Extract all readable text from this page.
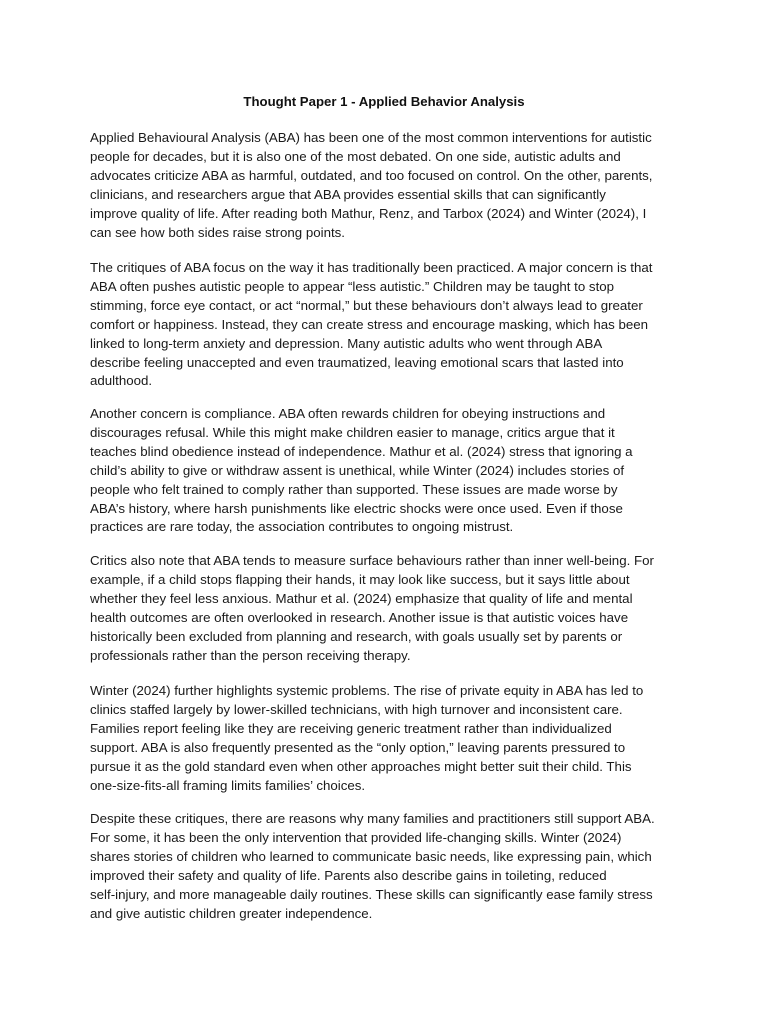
Thought Paper 1 - Applied Behavior Analysis

Applied Behavioural Analysis (ABA) has been one of the most common interventions for autistic
people for decades, but it is also one of the most debated. On one side, autistic adults and
advocates criticize ABA as harmful, outdated, and too focused on control. On the other, parents,
clinicians, and researchers argue that ABA provides essential skills that can significantly
improve quality of life. After reading both Mathur, Renz, and Tarbox (2024) and Winter (2024), I
can see how both sides raise strong points.

The critiques of ABA focus on the way it has traditionally been practiced. A major concern is that
ABA often pushes autistic people to appear “less autistic.” Children may be taught to stop
stimming, force eye contact, or act “normal,” but these behaviours don’t always lead to greater
comfort or happiness. Instead, they can create stress and encourage masking, which has been
linked to long-term anxiety and depression. Many autistic adults who went through ABA
describe feeling unaccepted and even traumatized, leaving emotional scars that lasted into
adulthood.

Another concern is compliance. ABA often rewards children for obeying instructions and
discourages refusal. While this might make children easier to manage, critics argue that it
teaches blind obedience instead of independence. Mathur et al. (2024) stress that ignoring a
child’s ability to give or withdraw assent is unethical, while Winter (2024) includes stories of
people who felt trained to comply rather than supported. These issues are made worse by
ABA’s history, where harsh punishments like electric shocks were once used. Even if those
practices are rare today, the association contributes to ongoing mistrust.

Critics also note that ABA tends to measure surface behaviours rather than inner well-being. For
example, if a child stops flapping their hands, it may look like success, but it says little about
whether they feel less anxious. Mathur et al. (2024) emphasize that quality of life and mental
health outcomes are often overlooked in research. Another issue is that autistic voices have
historically been excluded from planning and research, with goals usually set by parents or
professionals rather than the person receiving therapy.

Winter (2024) further highlights systemic problems. The rise of private equity in ABA has led to
clinics staffed largely by lower-skilled technicians, with high turnover and inconsistent care.
Families report feeling like they are receiving generic treatment rather than individualized
support. ABA is also frequently presented as the “only option,” leaving parents pressured to
pursue it as the gold standard even when other approaches might better suit their child. This
one-size-fits-all framing limits families’ choices.

Despite these critiques, there are reasons why many families and practitioners still support ABA.
For some, it has been the only intervention that provided life-changing skills. Winter (2024)
shares stories of children who learned to communicate basic needs, like expressing pain, which
improved their safety and quality of life. Parents also describe gains in toileting, reduced
self-injury, and more manageable daily routines. These skills can significantly ease family stress
and give autistic children greater independence.
